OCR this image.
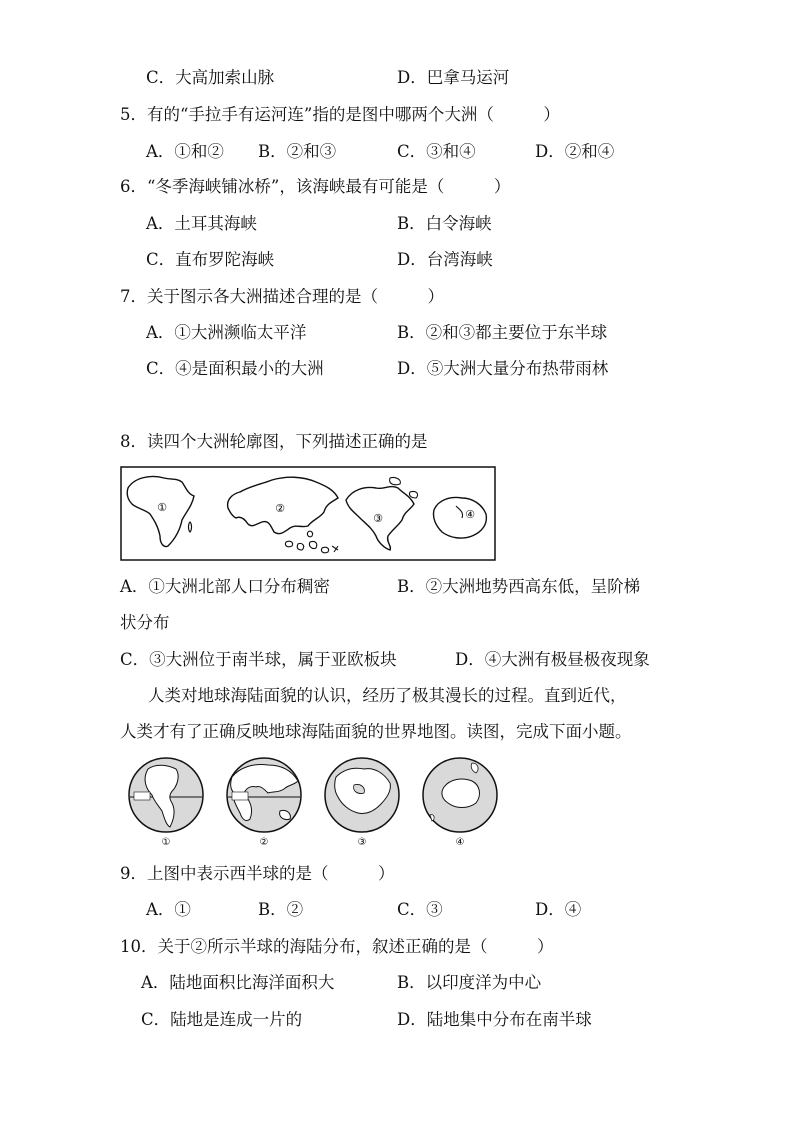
C．大高加索山脉	D．巴拿马运河
5．有的“手拉手有运河连”指的是图中哪两个大洲（　　　）
A．①和② B．②和③	C．③和④	D．②和④
6．“冬季海峡铺冰桥”，该海峡最有可能是（　　　）
A．土耳其海峡	B．白令海峡
C．直布罗陀海峡	D．台湾海峡
7．关于图示各大洲描述合理的是（　　　）
A．①大洲濒临太平洋	B．②和③都主要位于东半球
C．④是面积最小的大洲	D．⑤大洲大量分布热带雨林
8．读四个大洲轮廓图，下列描述正确的是
①	②
③	④
A．①大洲北部人口分布稠密	B．②大洲地势西高东低，呈阶梯
状分布
C．③大洲位于南半球，属于亚欧板块	D．④大洲有极昼极夜现象
人类对地球海陆面貌的认识，经历了极其漫长的过程。直到近代，
人类才有了正确反映地球海陆面貌的世界地图。读图，完成下面小题。
①	②	③	④
9．上图中表示西半球的是（　　　）
A．①	B．②	C．③	D．④
10．关于②所示半球的海陆分布，叙述正确的是（　　　）
A．陆地面积比海洋面积大	B．以印度洋为中心
C．陆地是连成一片的	D．陆地集中分布在南半球
